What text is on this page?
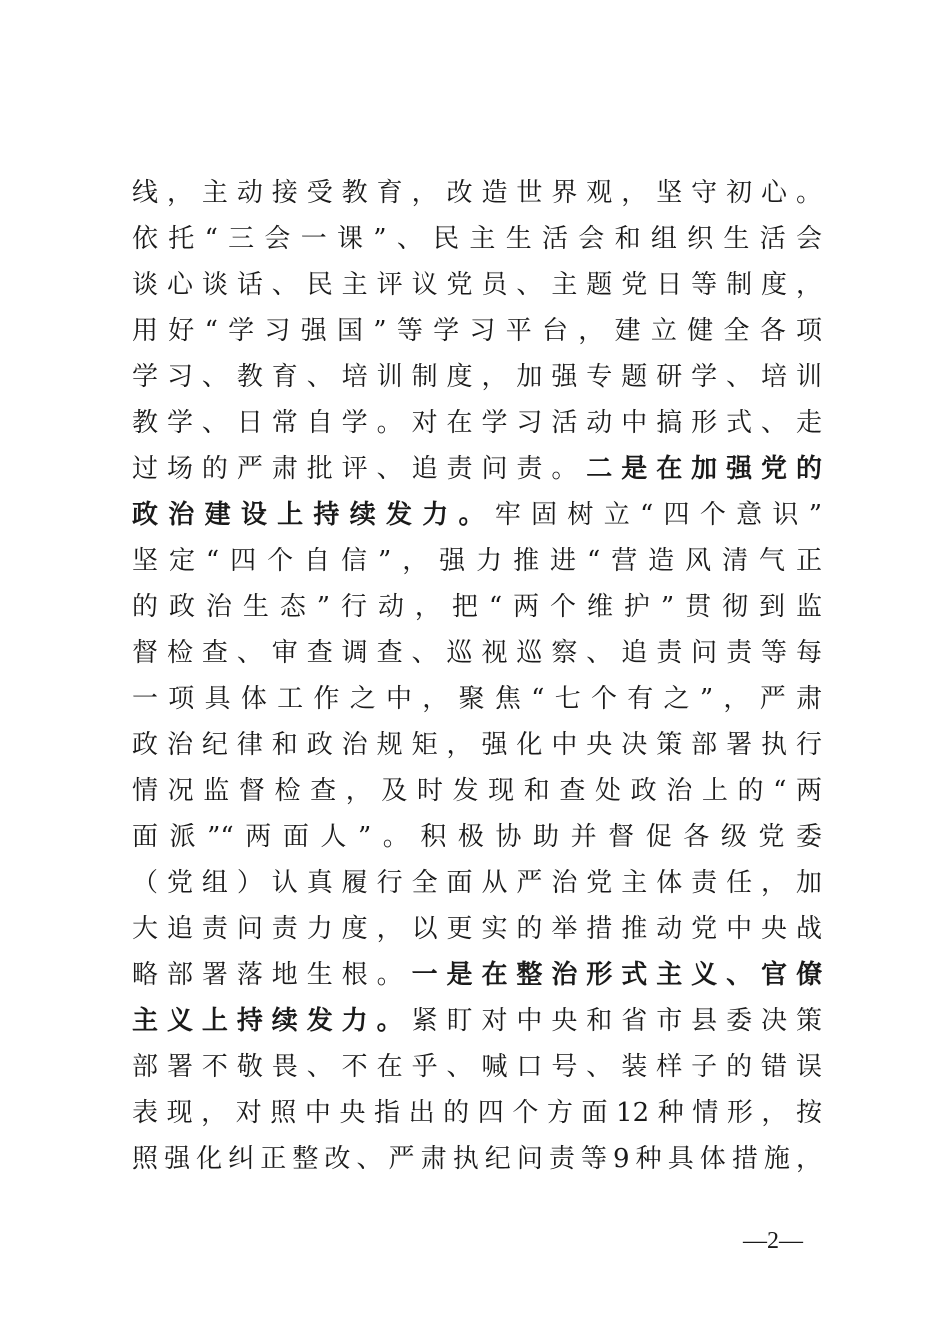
线，主动接受教育，改造世界观，坚守初心。
依托“三会一课”、民主生活会和组织生活会
谈心谈话、民主评议党员、主题党日等制度，
用好“学习强国”等学习平台，建立健全各项
学习、教育、培训制度，加强专题研学、培训
教学、日常自学。对在学习活动中搞形式、走
过场的严肃批评、追责问责。二是在加强党的
政治建设上持续发力。牢固树立“四个意识”
坚定“四个自信”，强力推进“营造风清气正
的政治生态”行动，把“两个维护”贯彻到监
督检查、审查调查、巡视巡察、追责问责等每
一项具体工作之中，聚焦“七个有之”，严肃
政治纪律和政治规矩，强化中央决策部署执行
情况监督检查，及时发现和查处政治上的“两
面派”“两面人”。积极协助并督促各级党委
（党组）认真履行全面从严治党主体责任，加
大追责问责力度，以更实的举措推动党中央战
略部署落地生根。一是在整治形式主义、官僚
主义上持续发力。紧盯对中央和省市县委决策
部署不敬畏、不在乎、喊口号、装样子的错误
表现，对照中央指出的四个方面12种情形，按
照强化纠正整改、严肃执纪问责等9种具体措施，
—2—
